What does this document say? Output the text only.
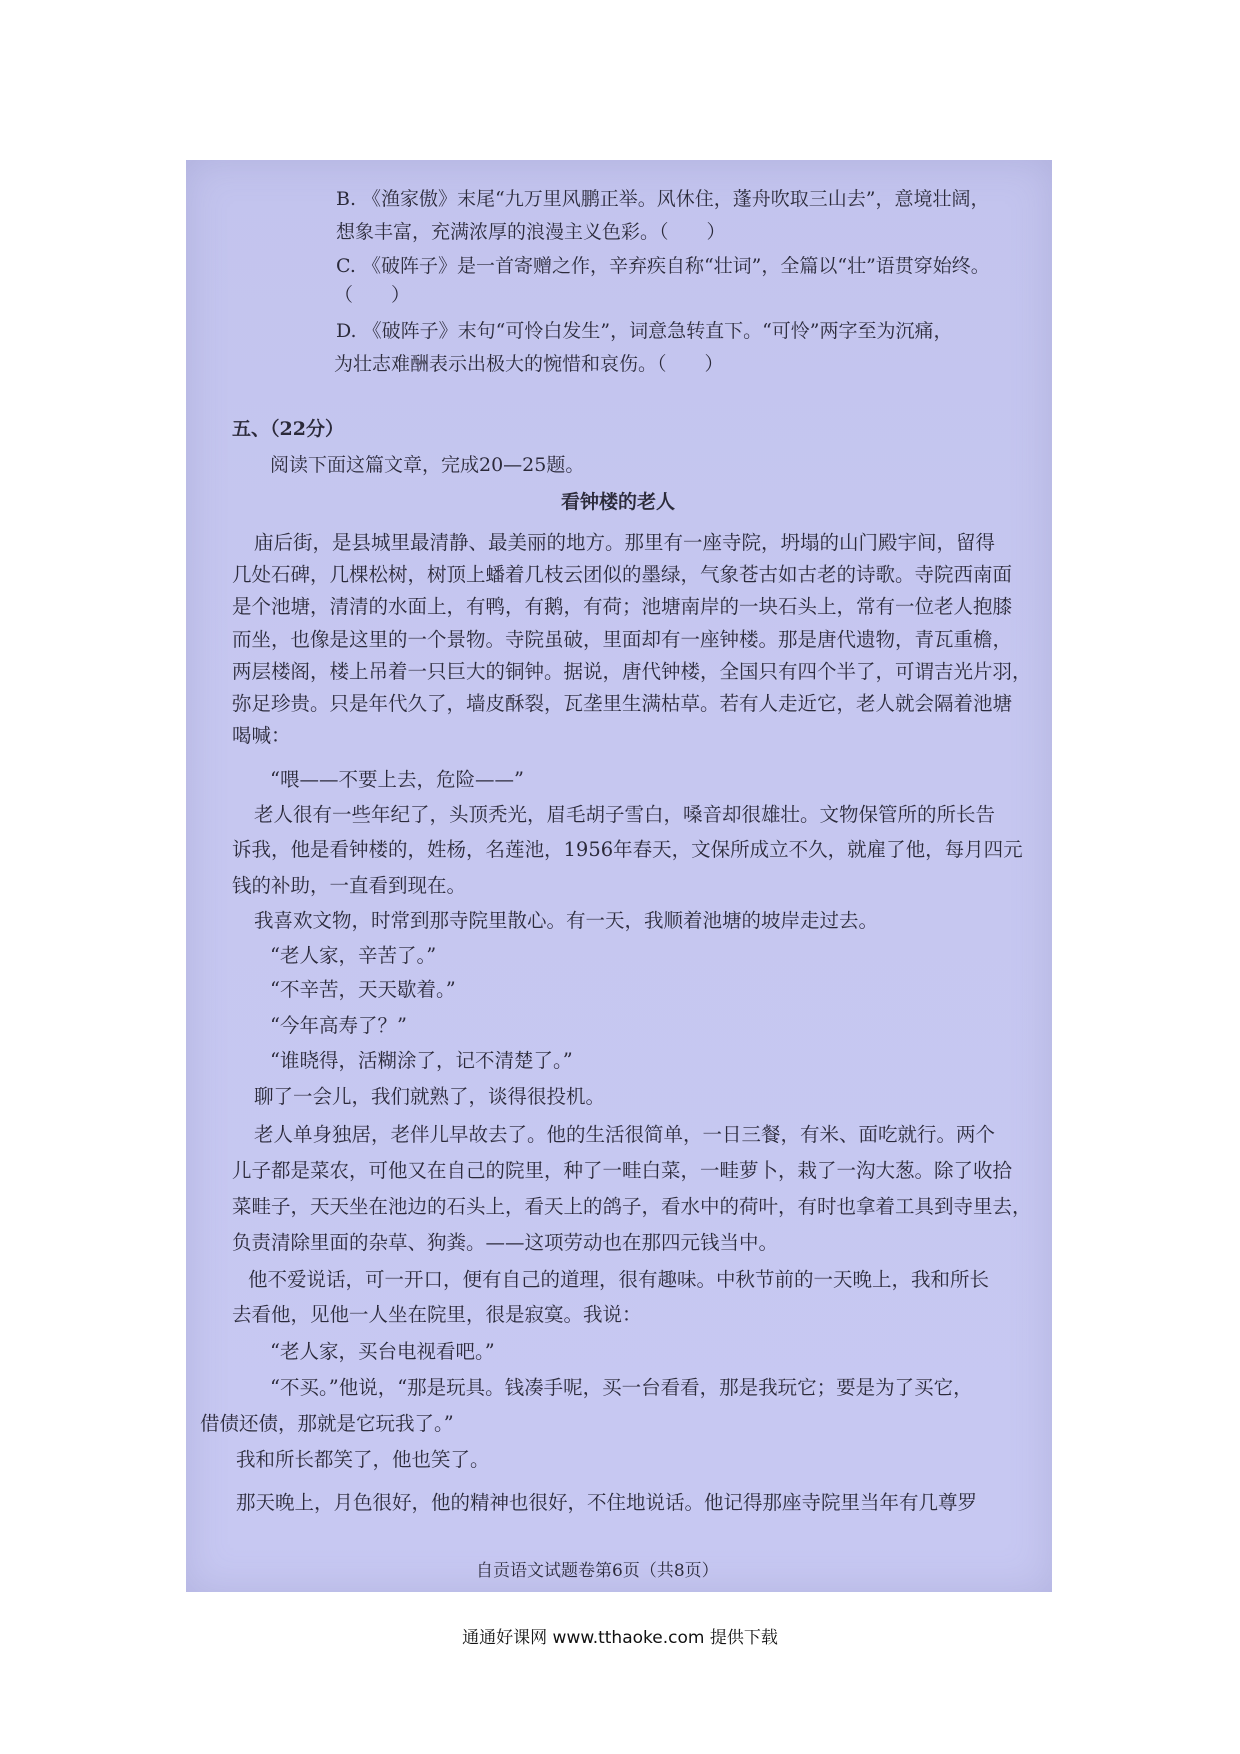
B. 《渔家傲》末尾“九万里风鹏正举。风休住，蓬舟吹取三山去”，意境壮阔，
想象丰富，充满浓厚的浪漫主义色彩。（　　）
C. 《破阵子》是一首寄赠之作，辛弃疾自称“壮词”，全篇以“壮”语贯穿始终。
（　　）
D. 《破阵子》末句“可怜白发生”，词意急转直下。“可怜”两字至为沉痛，
为壮志难酬表示出极大的惋惜和哀伤。（　　）
五、（22分）
阅读下面这篇文章，完成20—25题。
看钟楼的老人
庙后街，是县城里最清静、最美丽的地方。那里有一座寺院，坍塌的山门殿宇间，留得
几处石碑，几棵松树，树顶上蟠着几枝云团似的墨绿，气象苍古如古老的诗歌。寺院西南面
是个池塘，清清的水面上，有鸭，有鹅，有荷；池塘南岸的一块石头上，常有一位老人抱膝
而坐，也像是这里的一个景物。寺院虽破，里面却有一座钟楼。那是唐代遗物，青瓦重檐，
两层楼阁，楼上吊着一只巨大的铜钟。据说，唐代钟楼，全国只有四个半了，可谓吉光片羽，
弥足珍贵。只是年代久了，墙皮酥裂，瓦垄里生满枯草。若有人走近它，老人就会隔着池塘
喝喊：
“喂——不要上去，危险——”
老人很有一些年纪了，头顶秃光，眉毛胡子雪白，嗓音却很雄壮。文物保管所的所长告
诉我，他是看钟楼的，姓杨，名莲池，1956年春天，文保所成立不久，就雇了他，每月四元
钱的补助，一直看到现在。
我喜欢文物，时常到那寺院里散心。有一天，我顺着池塘的坡岸走过去。
“老人家，辛苦了。”
“不辛苦，天天歇着。”
“今年高寿了？”
“谁晓得，活糊涂了，记不清楚了。”
聊了一会儿，我们就熟了，谈得很投机。
老人单身独居，老伴儿早故去了。他的生活很简单，一日三餐，有米、面吃就行。两个
儿子都是菜农，可他又在自己的院里，种了一畦白菜，一畦萝卜，栽了一沟大葱。除了收拾
菜畦子，天天坐在池边的石头上，看天上的鸽子，看水中的荷叶，有时也拿着工具到寺里去，
负责清除里面的杂草、狗粪。——这项劳动也在那四元钱当中。
他不爱说话，可一开口，便有自己的道理，很有趣味。中秋节前的一天晚上，我和所长
去看他，见他一人坐在院里，很是寂寞。我说：
“老人家，买台电视看吧。”
“不买。”他说，“那是玩具。钱凑手呢，买一台看看，那是我玩它；要是为了买它，
借债还债，那就是它玩我了。”
我和所长都笑了，他也笑了。
那天晚上，月色很好，他的精神也很好，不住地说话。他记得那座寺院里当年有几尊罗
自贡语文试题卷第6页（共8页）
通通好课网 www.tthaoke.com 提供下载
